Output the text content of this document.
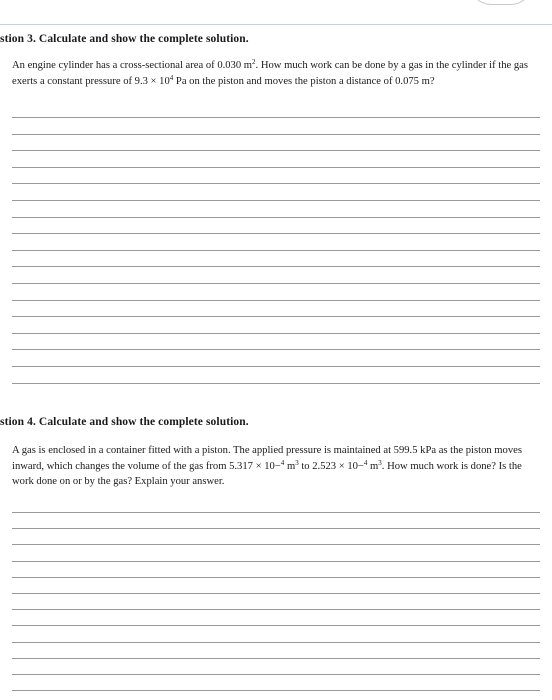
stion 3. Calculate and show the complete solution.
An engine cylinder has a cross-sectional area of 0.030 $m^2$. How much work can be done by a gas in the cylinder if the gas exerts a constant pressure of $9.3 \times 10^4$ Pa on the piston and moves the piston a distance of 0.075 m?
stion 4. Calculate and show the complete solution.
A gas is enclosed in a container fitted with a piston. The applied pressure is maintained at 599.5 kPa as the piston moves inward, which changes the volume of the gas from 5.317 × 10−$^4$ $m^3$ to 2.523 × 10−$^4$ $m^3$. How much work is done? Is the work done on or by the gas? Explain your answer.
